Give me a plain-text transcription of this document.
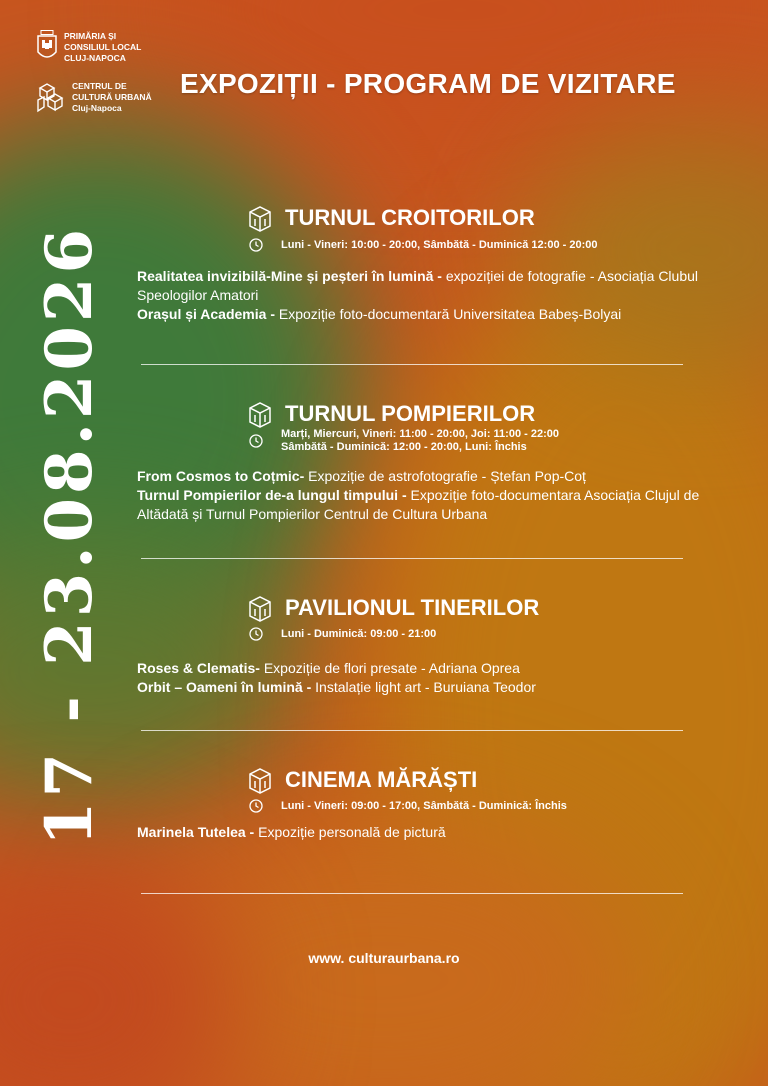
PRIMĂRIA ȘI
CONSILIUL LOCAL
CLUJ-NAPOCA
CENTRUL DE
CULTURĂ URBANĂ
Cluj-Napoca
EXPOZIȚII - PROGRAM DE VIZITARE
17 - 23.08.2026
TURNUL CROITORILOR
Luni - Vineri: 10:00 - 20:00, Sâmbătă - Duminică 12:00 - 20:00
Realitatea invizibilă-Mine și peșteri în lumină - expoziției de fotografie - Asociația Clubul Speologilor Amatori
Orașul și Academia - Expoziție foto-documentară Universitatea Babeș-Bolyai
TURNUL POMPIERILOR
Marți, Miercuri, Vineri: 11:00 - 20:00, Joi: 11:00 - 22:00
Sâmbătă - Duminică: 12:00 - 20:00, Luni: Închis
From Cosmos to Coțmic- Expoziție de astrofotografie - Ștefan Pop-Coț
Turnul Pompierilor de-a lungul timpului - Expoziție foto-documentara Asociația Clujul de Altădată și Turnul Pompierilor Centrul de Cultura Urbana
PAVILIONUL TINERILOR
Luni - Duminică: 09:00 - 21:00
Roses & Clematis- Expoziție de flori presate - Adriana Oprea
Orbit – Oameni în lumină - Instalație light art - Buruiana Teodor
CINEMA MĂRĂȘTI
Luni - Vineri: 09:00 - 17:00, Sâmbătă - Duminică: Închis
Marinela Tutelea - Expoziție personală de pictură
www. culturaurbana.ro
